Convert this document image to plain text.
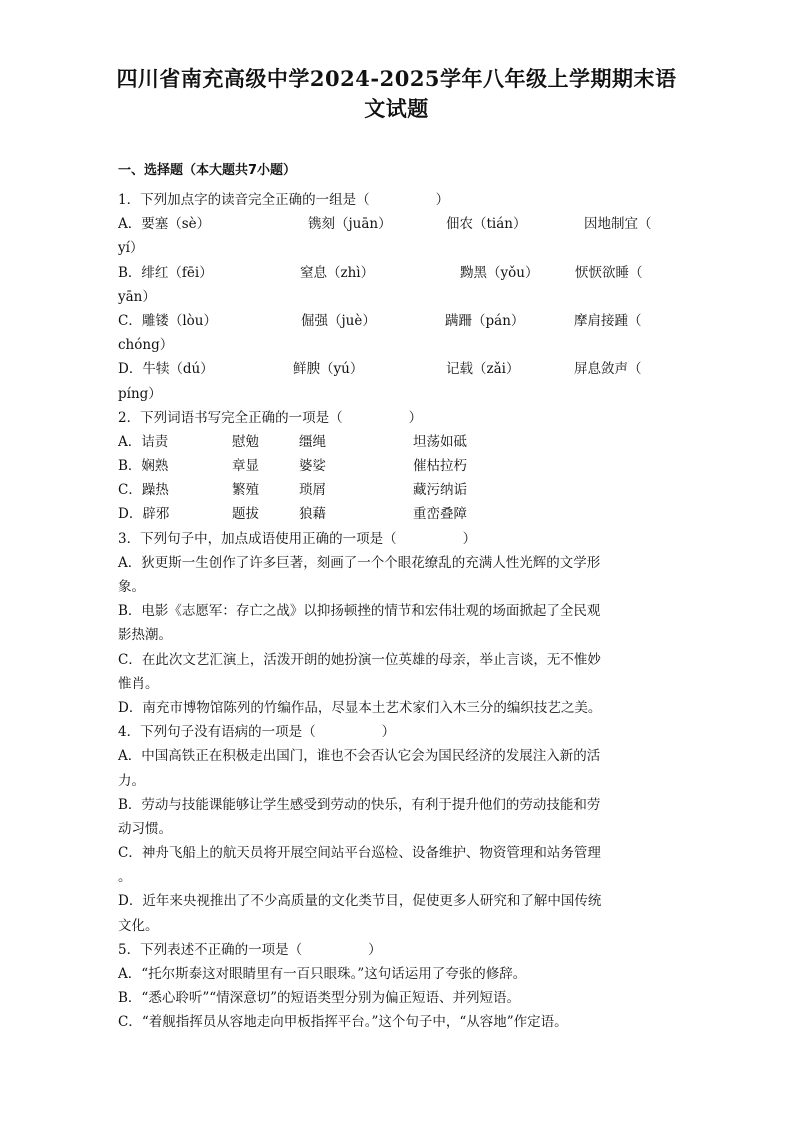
四川省南充高级中学2024-2025学年八年级上学期期末语
文试题
一、选择题（本大题共7小题）
1．下列加点字的读音完全正确的一组是（	）
A．要塞（sè）	镌刻（juān）	佃农（tián）	因地制宜（
yí）
B．绯红（fēi）	窒息（zhì）	黝黑（yǒu）	恹恹欲睡（
yān）
C．雕镂（lòu）	倔强（juè）	蹒跚（pán）	摩肩接踵（
chóng）
D．牛犊（dú）	鲜腴（yú）	记载（zǎi）	屏息敛声（
píng）
2．下列词语书写完全正确的一项是（	）
A．诘责	慰勉	缰绳	坦荡如砥
B．娴熟	章显	婆娑	催枯拉朽
C．躁热	繁殖	琐屑	藏污纳诟
D．辟邪	题拔	狼藉	重峦叠障
3．下列句子中，加点成语使用正确的一项是（	）
A．狄更斯一生创作了许多巨著，刻画了一个个眼花缭乱的充满人性光辉的文学形
象。
B．电影《志愿军：存亡之战》以抑扬顿挫的情节和宏伟壮观的场面掀起了全民观
影热潮。
C．在此次文艺汇演上，活泼开朗的她扮演一位英雄的母亲，举止言谈，无不惟妙
惟肖。
D．南充市博物馆陈列的竹编作品，尽显本土艺术家们入木三分的编织技艺之美。
4．下列句子没有语病的一项是（	）
A．中国高铁正在积极走出国门，谁也不会否认它会为国民经济的发展注入新的活
力。
B．劳动与技能课能够让学生感受到劳动的快乐，有利于提升他们的劳动技能和劳
动习惯。
C．神舟飞船上的航天员将开展空间站平台巡检、设备维护、物资管理和站务管理
。
D．近年来央视推出了不少高质量的文化类节目，促使更多人研究和了解中国传统
文化。
5．下列表述不正确的一项是（	）
A．“托尔斯泰这对眼睛里有一百只眼珠。”这句话运用了夸张的修辞。
B．“悉心聆听”“情深意切”的短语类型分别为偏正短语、并列短语。
C．“着舰指挥员从容地走向甲板指挥平台。”这个句子中，“从容地”作定语。
